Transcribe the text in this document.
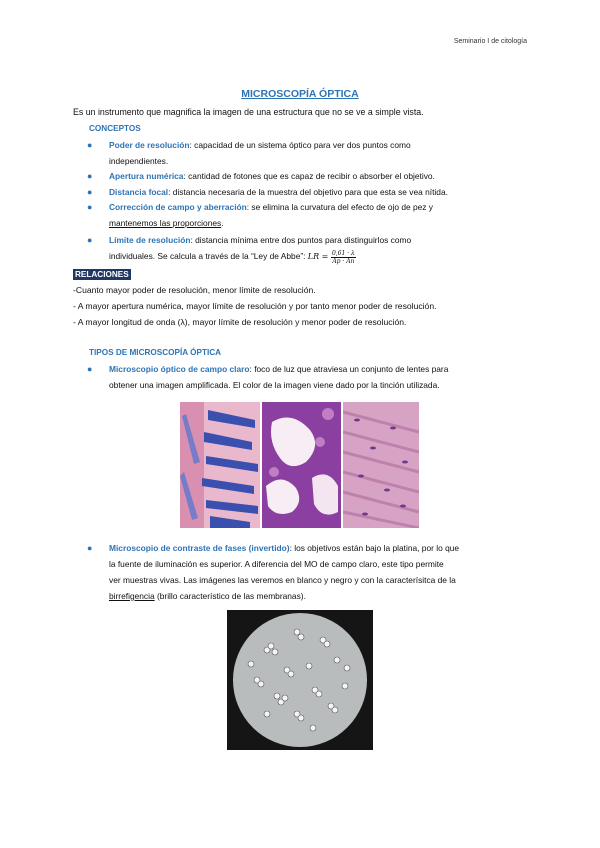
Seminario I de citología
MICROSCOPÍA ÓPTICA
Es un instrumento que magnifica la imagen de una estructura que no se ve a simple vista.
CONCEPTOS
● Poder de resolución: capacidad de un sistema óptico para ver dos puntos como
independientes.
● Apertura numérica: cantidad de fotones que es capaz de recibir o absorber el objetivo.
● Distancia focal: distancia necesaria de la muestra del objetivo para que esta se vea nítida.
● Corrección de campo y aberración: se elimina la curvatura del efecto de ojo de pez y
mantenemos las proporciones.
● Límite de resolución: distancia mínima entre dos puntos para distinguirlos como
individuales. Se calcula a través de la “Ley de Abbe”: LR = $\frac{0,61 \cdot \lambda}{Ap \cdot An}$
RELACIONES
-Cuanto mayor poder de resolución, menor límite de resolución.
- A mayor apertura numérica, mayor límite de resolución y por tanto menor poder de resolución.
- A mayor longitud de onda (λ), mayor límite de resolución y menor poder de resolución.
TIPOS DE MICROSCOPÍA ÓPTICA
● Microscopio óptico de campo claro: foco de luz que atraviesa un conjunto de lentes para
obtener una imagen amplificada. El color de la imagen viene dado por la tinción utilizada.
● Microscopio de contraste de fases (invertido): los objetivos están bajo la platina, por lo que
la fuente de iluminación es superior. A diferencia del MO de campo claro, este tipo permite
ver muestras vivas. Las imágenes las veremos en blanco y negro y con la caracterísitca de la
birrefigencia (brillo característico de las membranas).
